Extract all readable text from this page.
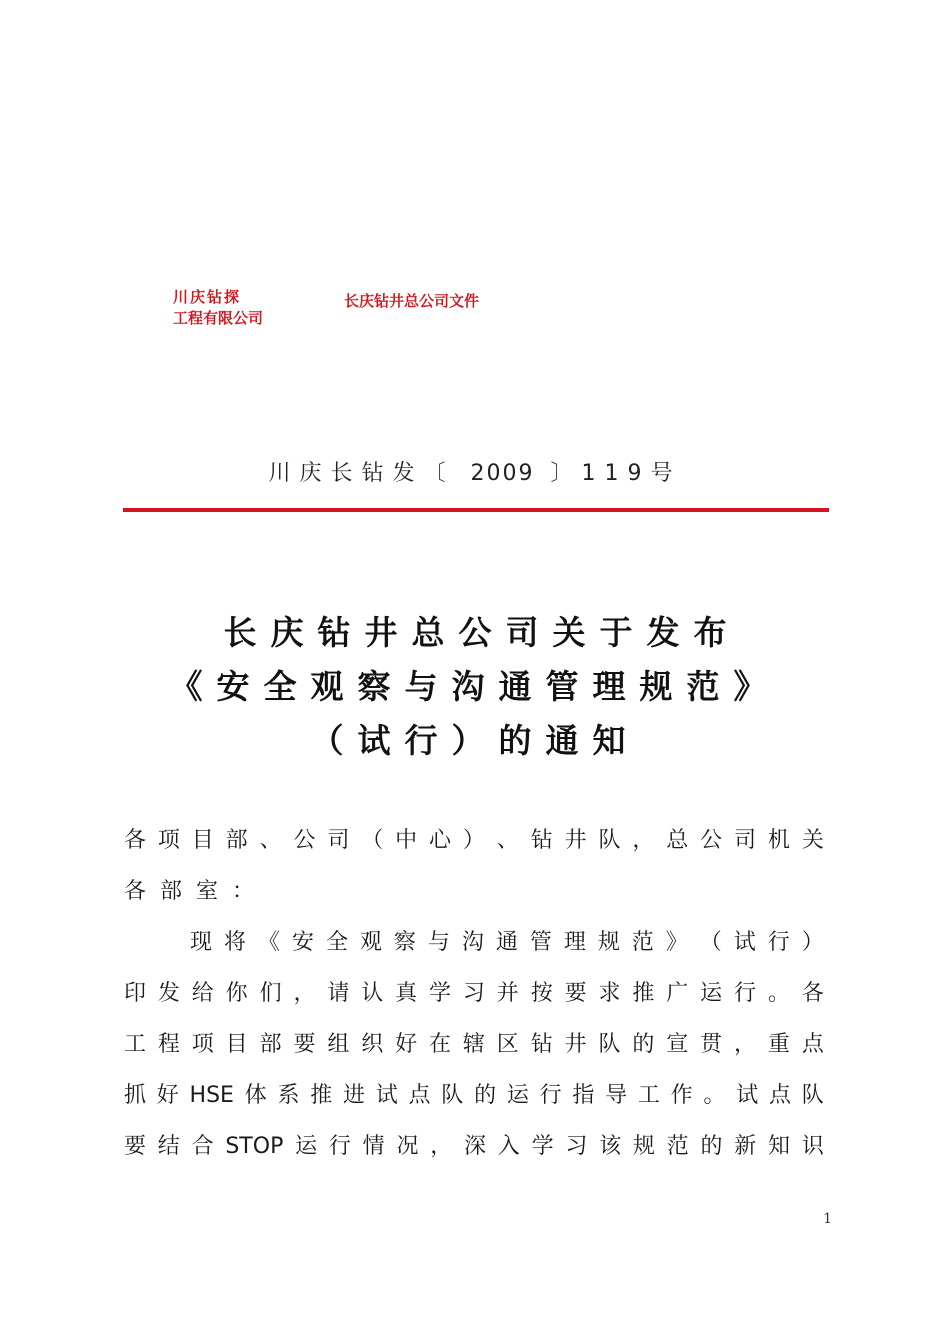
川庆钻探
工程有限公司
长庆钻井总公司文件
川庆长钻发〔 2009 〕119号
长庆钻井总公司关于发布
《安全观察与沟通管理规范》
（试行）的通知
各 项 目 部 、 公 司 （ 中 心 ） 、 钻 井 队 ， 总 公 司 机 关
各 部 室 ：
现 将 《 安 全 观 察 与 沟 通 管 理 规 范 》 （ 试 行 ）
印 发 给 你 们 ， 请 认 真 学 习 并 按 要 求 推 广 运 行 。 各
工 程 项 目 部 要 组 织 好 在 辖 区 钻 井 队 的 宣 贯 ， 重 点
抓 好 HSE 体 系 推 进 试 点 队 的 运 行 指 导 工 作 。 试 点 队
要 结 合 STOP 运 行 情 况 ， 深 入 学 习 该 规 范 的 新 知 识
1
